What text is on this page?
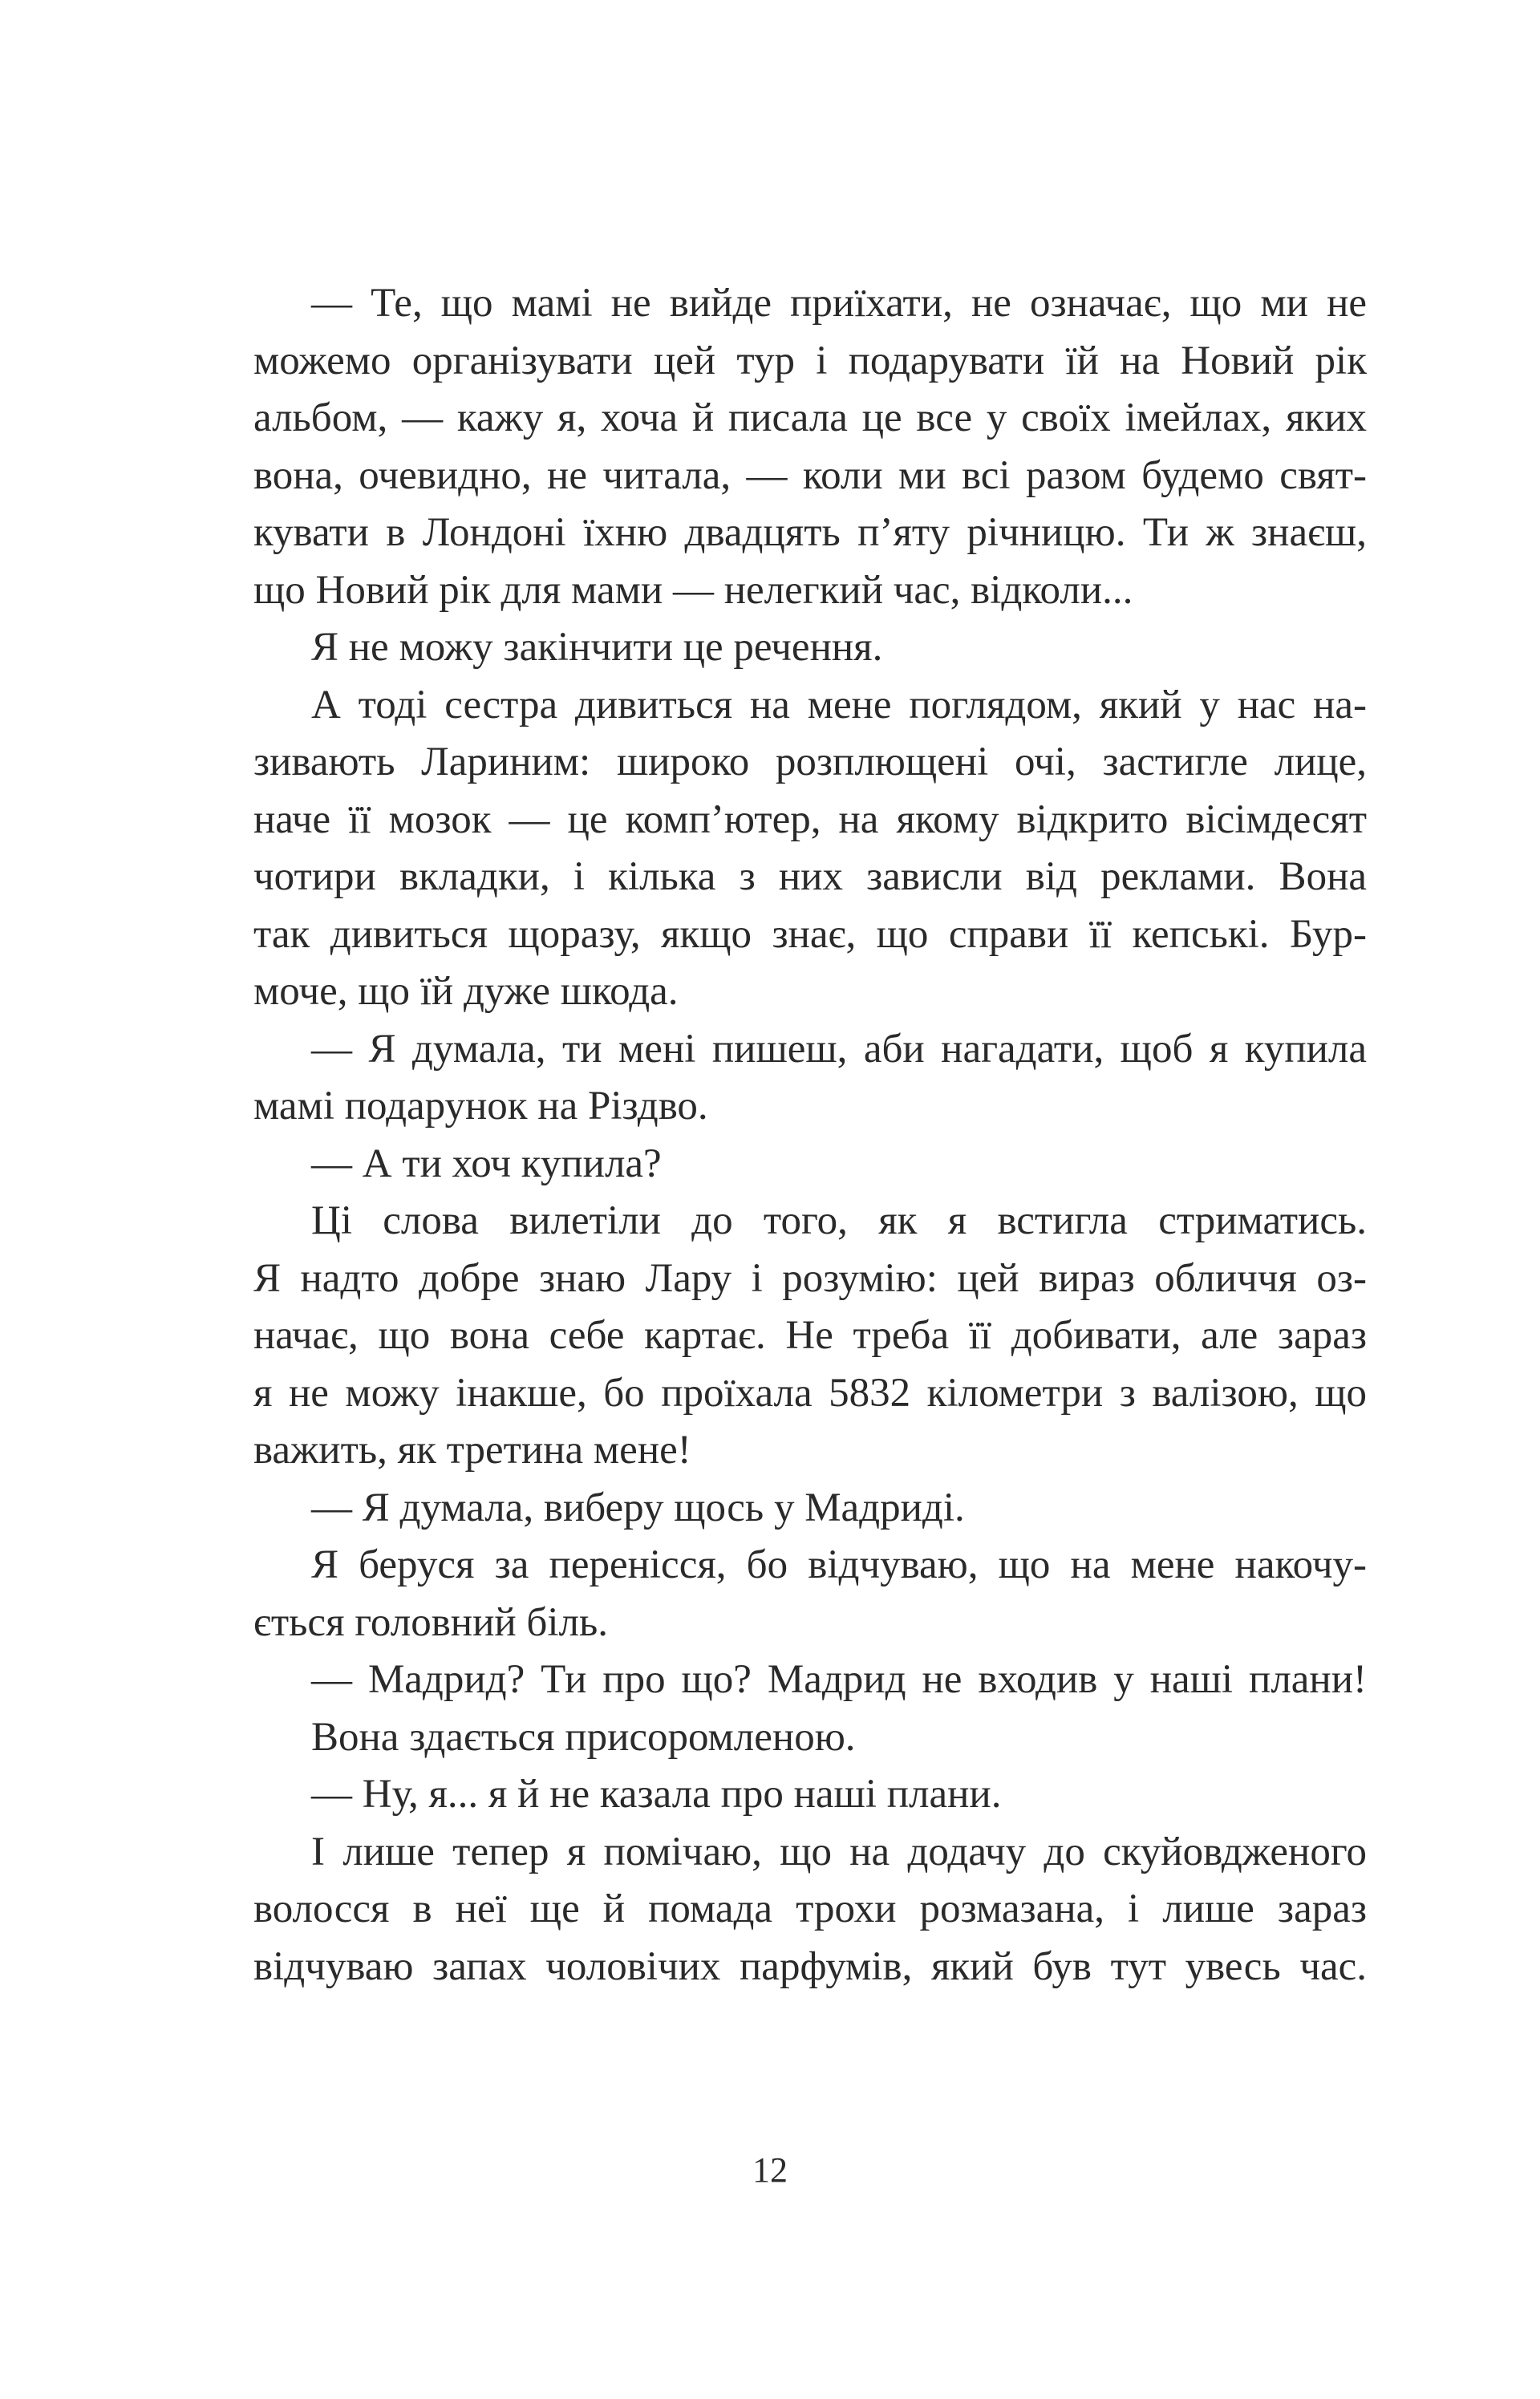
— Те, що мамі не вийде приїхати, не означає, що ми не
можемо організувати цей тур і подарувати їй на Новий рік
альбом, — кажу я, хоча й писала це все у своїх імейлах, яких
вона, очевидно, не читала, — коли ми всі разом будемо свят-
кувати в Лондоні їхню двадцять п’яту річницю. Ти ж знаєш,
що Новий рік для мами — нелегкий час, відколи...
Я не можу закінчити це речення.
А тоді сестра дивиться на мене поглядом, який у нас на-
зивають Лариним: широко розплющені очі, застигле лице,
наче її мозок — це комп’ютер, на якому відкрито вісімдесят
чотири вкладки, і кілька з них зависли від реклами. Вона
так дивиться щоразу, якщо знає, що справи її кепські. Бур-
моче, що їй дуже шкода.
— Я думала, ти мені пишеш, аби нагадати, щоб я купила
мамі подарунок на Різдво.
— А ти хоч купила?
Ці слова вилетіли до того, як я встигла стриматись.
Я надто добре знаю Лару і розумію: цей вираз обличчя оз-
начає, що вона себе картає. Не треба її добивати, але зараз
я не можу інакше, бо проїхала 5832 кілометри з валізою, що
важить, як третина мене!
— Я думала, виберу щось у Мадриді.
Я беруся за перенісся, бо відчуваю, що на мене накочу-
ється головний біль.
— Мадрид? Ти про що? Мадрид не входив у наші плани!
Вона здається присоромленою.
— Ну, я... я й не казала про наші плани.
І лише тепер я помічаю, що на додачу до скуйовдженого
волосся в неї ще й помада трохи розмазана, і лише зараз
відчуваю запах чоловічих парфумів, який був тут увесь час.
12
